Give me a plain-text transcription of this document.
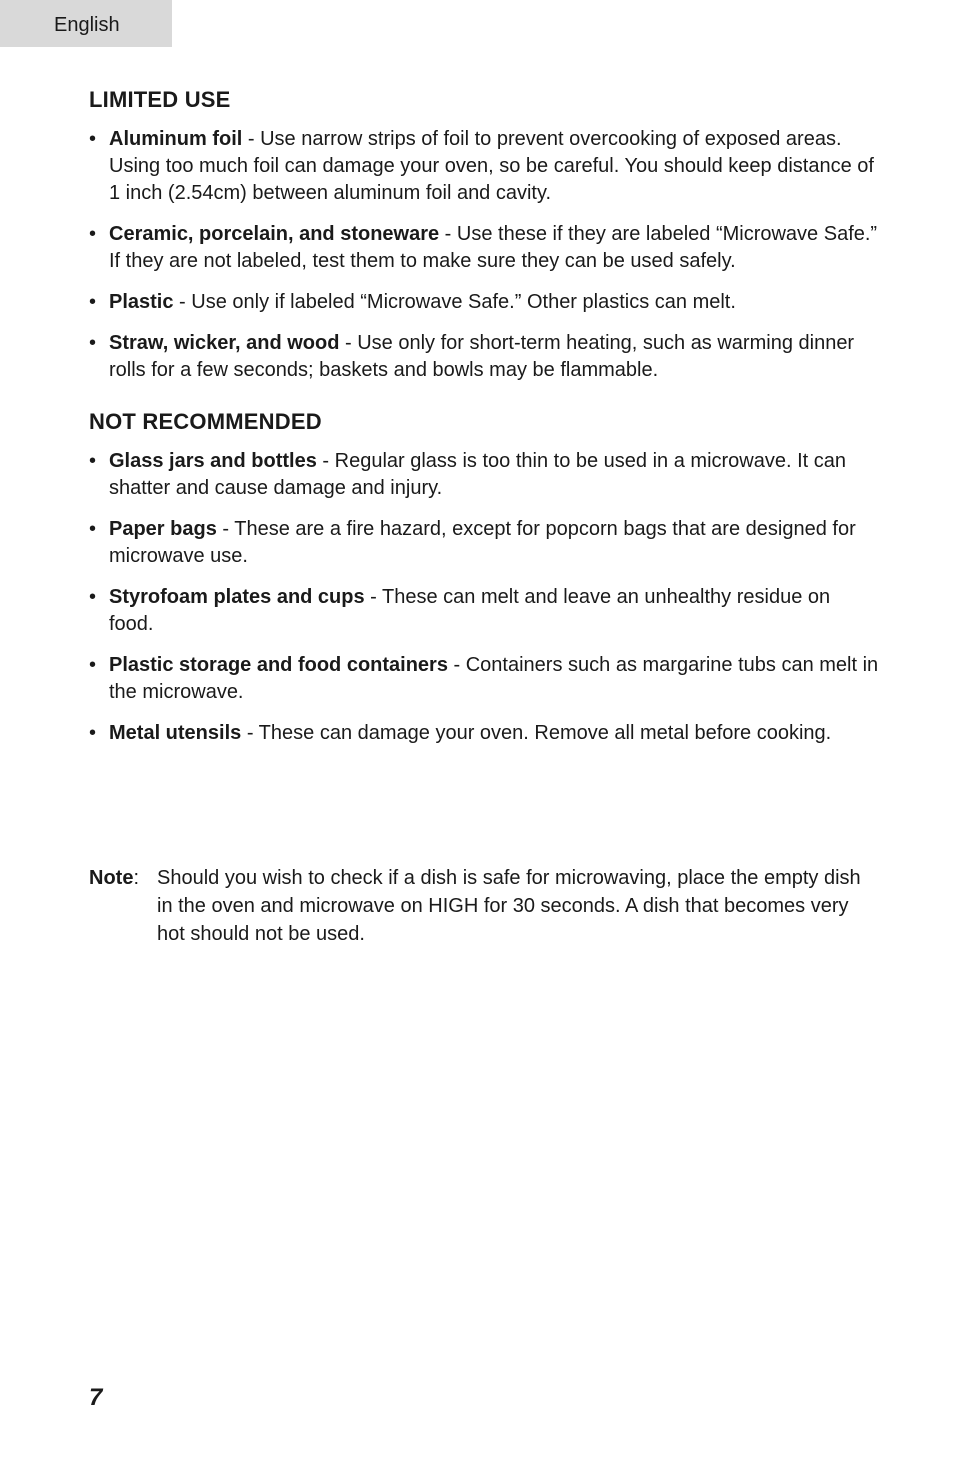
English
LIMITED USE
• Aluminum foil - Use narrow strips of foil to prevent overcooking of exposed areas. Using too much foil can damage your oven, so be careful. You should keep distance of 1 inch (2.54cm) between aluminum foil and cavity.
• Ceramic, porcelain, and stoneware - Use these if they are labeled “Microwave Safe.” If they are not labeled, test them to make sure they can be used safely.
• Plastic - Use only if labeled “Microwave Safe.” Other plastics can melt.
• Straw, wicker, and wood - Use only for short-term heating, such as warming dinner rolls for a few seconds; baskets and bowls may be flammable.
NOT RECOMMENDED
• Glass jars and bottles - Regular glass is too thin to be used in a microwave. It can shatter and cause damage and injury.
• Paper bags - These are a fire hazard, except for popcorn bags that are designed for microwave use.
• Styrofoam plates and cups - These can melt and leave an unhealthy residue on food.
• Plastic storage and food containers - Containers such as margarine tubs can melt in the microwave.
• Metal utensils - These can damage your oven. Remove all metal before cooking.
Note: Should you wish to check if a dish is safe for microwaving, place the empty dish in the oven and microwave on HIGH for 30 seconds. A dish that becomes very hot should not be used.
7
